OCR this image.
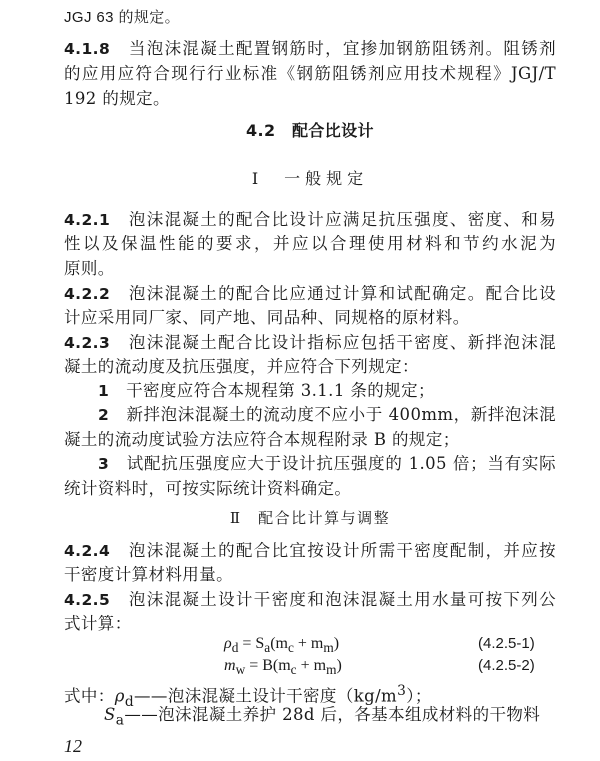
JGJ 63 的规定。
4.1.8　 当泡沫混凝土配置钢筋时，宜掺加钢筋阻锈剂。阻锈剂
的应用应符合现行行业标准《钢筋阻锈剂应用技术规程》JGJ/T
192 的规定。
4.2　配合比设计
Ⅰ　一般规定
4.2.1　 泡沫混凝土的配合比设计应满足抗压强度、密度、和易
性以及保温性能的要求，并应以合理使用材料和节约水泥为
原则。
4.2.2　 泡沫混凝土的配合比应通过计算和试配确定。配合比设
计应采用同厂家、同产地、同品种、同规格的原材料。
4.2.3　 泡沫混凝土配合比设计指标应包括干密度、新拌泡沫混
凝土的流动度及抗压强度，并应符合下列规定：
1　 干密度应符合本规程第 3.1.1 条的规定；
2　 新拌泡沫混凝土的流动度不应小于 400mm，新拌泡沫混
凝土的流动度试验方法应符合本规程附录 B 的规定；
3　 试配抗压强度应大于设计抗压强度的 1.05 倍；当有实际
统计资料时，可按实际统计资料确定。
Ⅱ　配合比计算与调整
4.2.4　 泡沫混凝土的配合比宜按设计所需干密度配制，并应按
干密度计算材料用量。
4.2.5　 泡沫混凝土设计干密度和泡沫混凝土用水量可按下列公
式计算：
$\rho_d = S_a(m_c + m_m)$	(4.2.5-1)
$m_w = B(m_c + m_m)$	(4.2.5-2)
式中：$\rho_d——$泡沫混凝土设计干密度$(kg/m^3)$；
$S_a——$泡沫混凝土养护 28d 后，各基本组成材料的干物料
12
